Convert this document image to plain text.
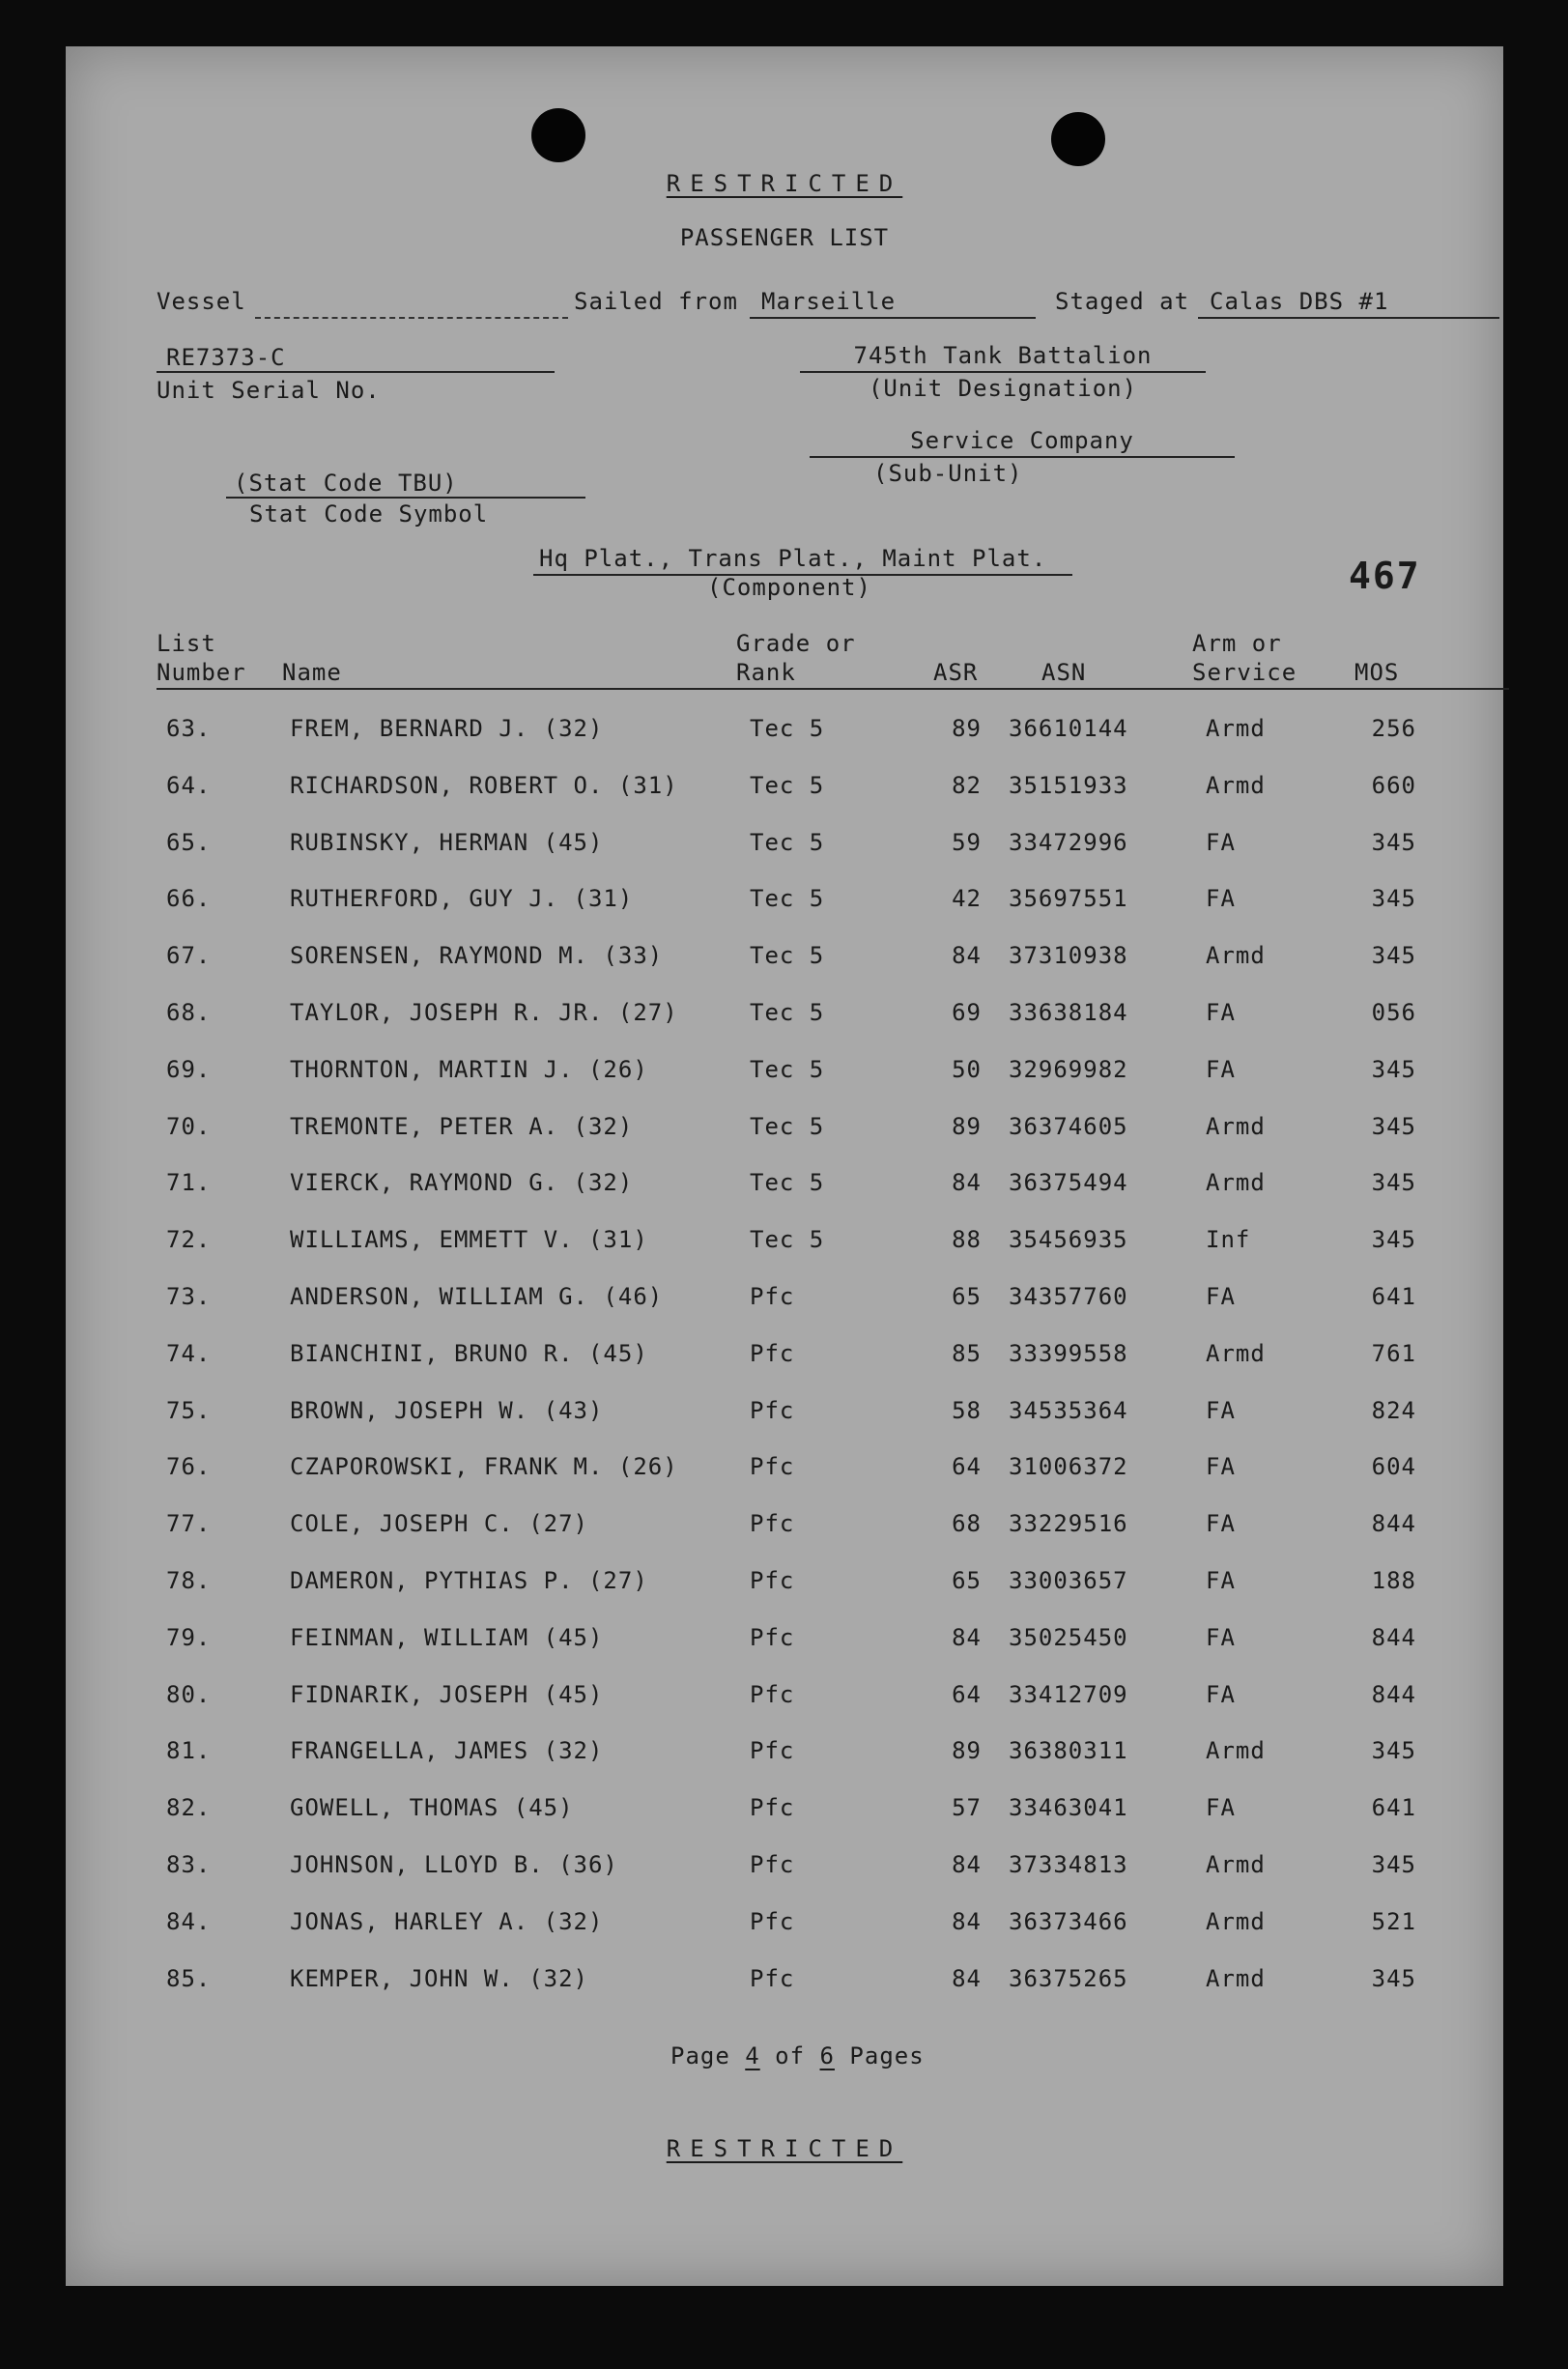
RESTRICTED
PASSENGER LIST
Vessel	Sailed from Marseille	Staged at Calas DBS #1
RE7373-C
Unit Serial No.
745th Tank Battalion
(Unit Designation)
Service Company
(Sub-Unit)
(Stat Code TBU)
Stat Code Symbol
Hq Plat., Trans Plat., Maint Plat.
(Component)	467
List
Number Name
Grade or
Rank	ASR	ASN
Arm or
Service MOS
63.	FREM, BERNARD J. (32)	Tec 5	89 36610144	Armd	256
64.	RICHARDSON, ROBERT O. (31)	Tec 5	82 35151933	Armd	660
65.	RUBINSKY, HERMAN (45)	Tec 5	59 33472996	FA	345
66.	RUTHERFORD, GUY J. (31)	Tec 5	42 35697551	FA	345
67.	SORENSEN, RAYMOND M. (33)	Tec 5	84 37310938	Armd	345
68.	TAYLOR, JOSEPH R. JR. (27)	Tec 5	69 33638184	FA	056
69.	THORNTON, MARTIN J. (26)	Tec 5	50 32969982	FA	345
70.	TREMONTE, PETER A. (32)	Tec 5	89 36374605	Armd	345
71.	VIERCK, RAYMOND G. (32)	Tec 5	84 36375494	Armd	345
72.	WILLIAMS, EMMETT V. (31)	Tec 5	88 35456935	Inf	345
73.	ANDERSON, WILLIAM G. (46)	Pfc	65 34357760	FA	641
74.	BIANCHINI, BRUNO R. (45)	Pfc	85 33399558	Armd	761
75.	BROWN, JOSEPH W. (43)	Pfc	58 34535364	FA	824
76.	CZAPOROWSKI, FRANK M. (26)	Pfc	64 31006372	FA	604
77.	COLE, JOSEPH C. (27)	Pfc	68 33229516	FA	844
78.	DAMERON, PYTHIAS P. (27)	Pfc	65 33003657	FA	188
79.	FEINMAN, WILLIAM (45)	Pfc	84 35025450	FA	844
80.	FIDNARIK, JOSEPH (45)	Pfc	64 33412709	FA	844
81.	FRANGELLA, JAMES (32)	Pfc	89 36380311	Armd	345
82.	GOWELL, THOMAS (45)	Pfc	57 33463041	FA	641
83.	JOHNSON, LLOYD B. (36)	Pfc	84 37334813	Armd	345
84.	JONAS, HARLEY A. (32)	Pfc	84 36373466	Armd	521
85.	KEMPER, JOHN W. (32)	Pfc	84 36375265	Armd	345
Page 4 of 6 Pages
RESTRICTED
